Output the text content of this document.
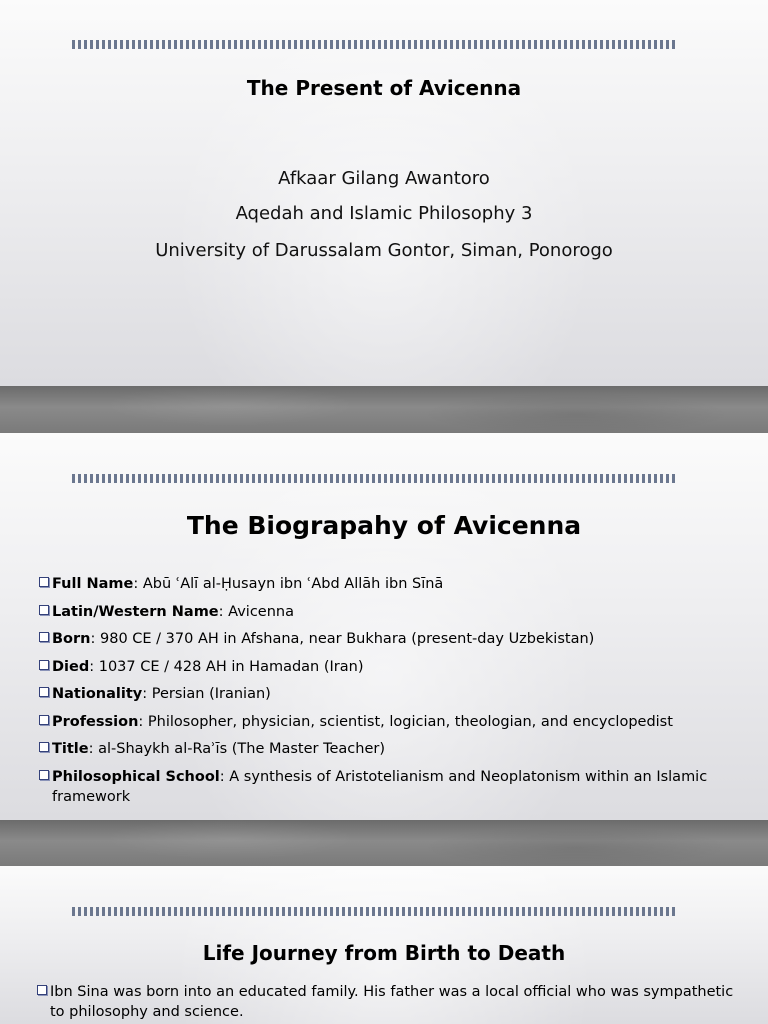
The Present of Avicenna
Afkaar Gilang Awantoro
Aqedah and Islamic Philosophy 3
University of Darussalam Gontor, Siman, Ponorogo
The Biograpahy of Avicenna
Full Name: Abū ʿAlī al-Ḥusayn ibn ʿAbd Allāh ibn Sīnā
Latin/Western Name: Avicenna
Born: 980 CE / 370 AH in Afshana, near Bukhara (present-day Uzbekistan)
Died: 1037 CE / 428 AH in Hamadan (Iran)
Nationality: Persian (Iranian)
Profession: Philosopher, physician, scientist, logician, theologian, and encyclopedist
Title: al-Shaykh al-Raʾīs (The Master Teacher)
Philosophical School: A synthesis of Aristotelianism and Neoplatonism within an Islamic framework
Life Journey from Birth to Death
Ibn Sina was born into an educated family. His father was a local official who was sympathetic to philosophy and science.
